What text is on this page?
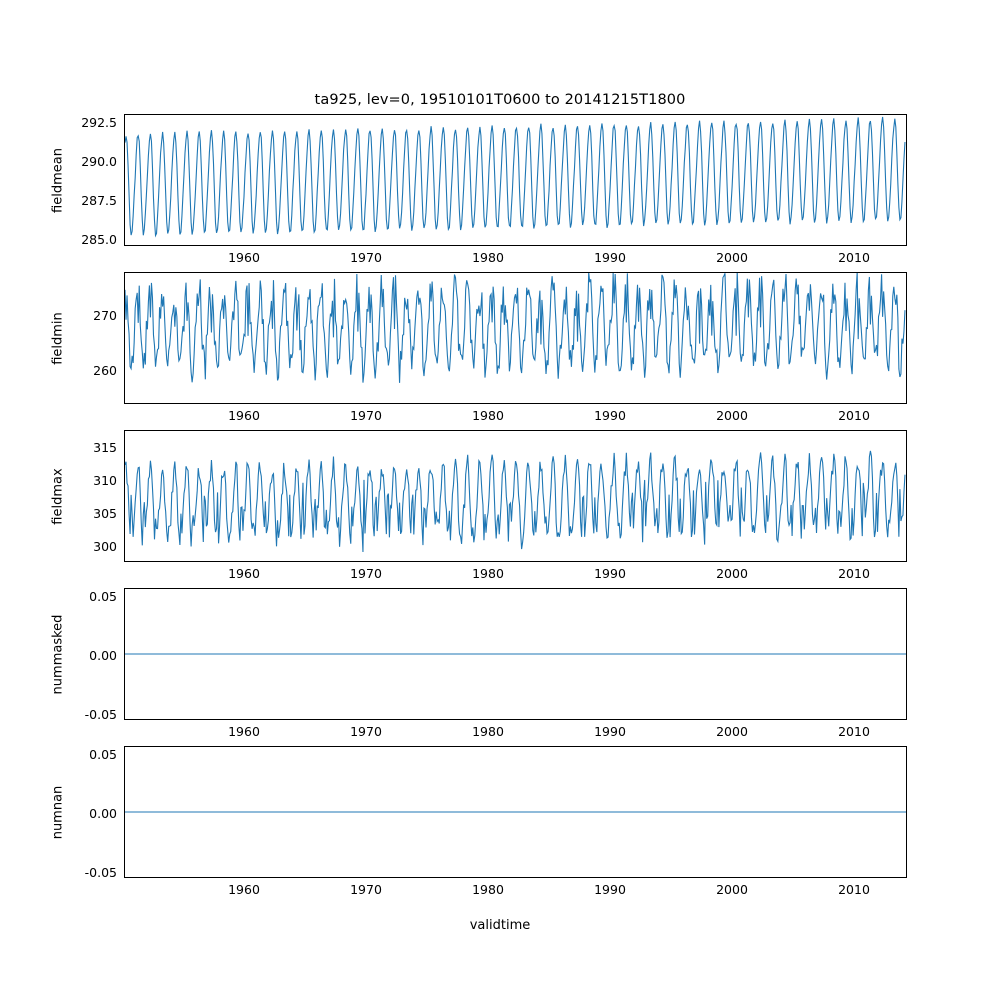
ta925, lev=0, 19510101T0600 to 20141215T1800
fieldmean
292.5
290.0
287.5
285.0
1960	1970	1980	1990	2000	2010
fieldmin	270
260
1960	1970	1980	1990	2000	2010
fieldmax
315
310
305
300
1960	1970	1980	1990	2000	2010
nummasked
0.05
0.00
-0.05
1960	1970	1980	1990	2000	2010
numnan
0.05
0.00
-0.05
1960	1970	1980	1990	2000	2010
validtime
